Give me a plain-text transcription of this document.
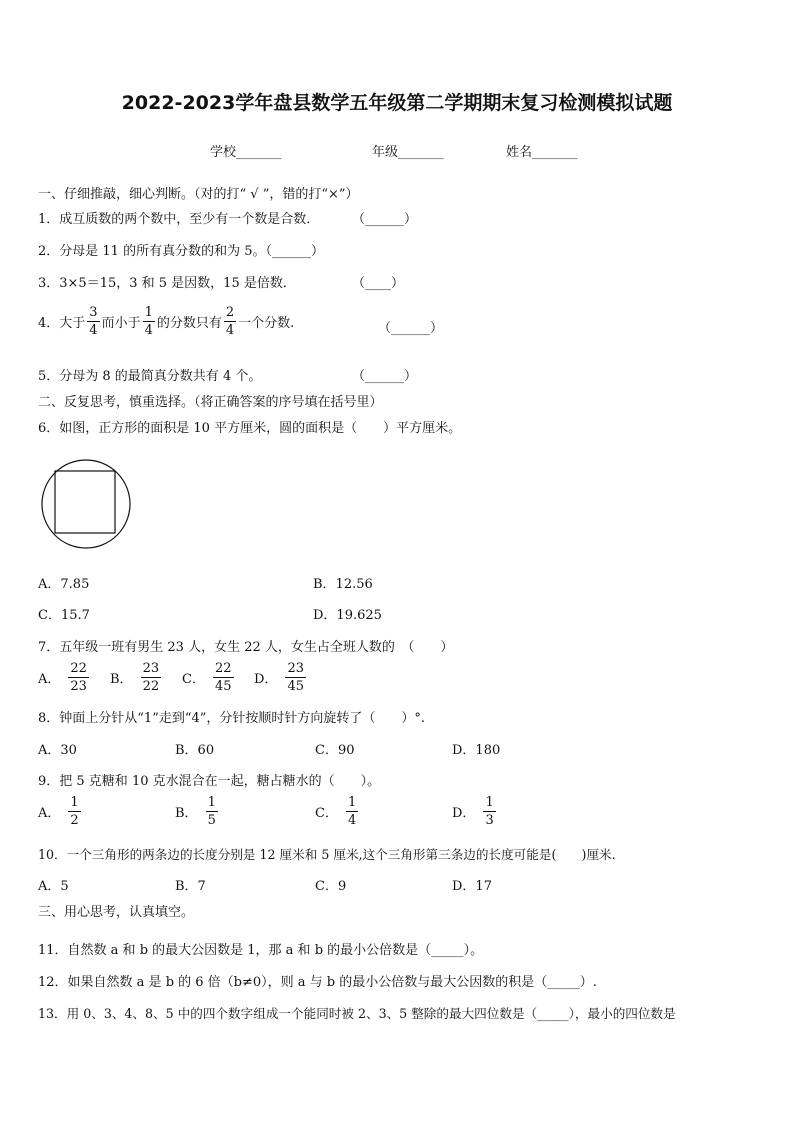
2022-2023学年盘县数学五年级第二学期期末复习检测模拟试题
学校_______	年级_______	姓名_______
一、仔细推敲，细心判断。（对的打“ √ ”，错的打“×”）
1．成互质数的两个数中，至少有一个数是合数．	（______）
2．分母是 11 的所有真分数的和为 5。（______）
3．3×5＝15，3 和 5 是因数，15 是倍数．	（____）
4．大于 $\frac{3}{4}$ 而小于 $\frac{1}{4}$ 的分数只有 $\frac{2}{4}$ 一个分数.	（______）
5．分母为 8 的最简真分数共有 4 个。	（______）
二、反复思考，慎重选择。（将正确答案的序号填在括号里）
6．如图，正方形的面积是 10 平方厘米，圆的面积是（　　）平方厘米。
A．7.85	B．12.56
C．15.7	D．19.625
7．五年级一班有男生 23 人，女生 22 人，女生占全班人数的　（　　）
A． $\frac{22}{23}$ B． $\frac{23}{22}$ C． $\frac{22}{45}$ D． $\frac{23}{45}$
8．钟面上分针从“1”走到“4”，分针按顺时针方向旋转了（　　）°.
A．30	B．60	C．90	D．180
9．把 5 克糖和 10 克水混合在一起，糖占糖水的（　　）。
A． $\frac{1}{2}$	B． $\frac{1}{5}$	C． $\frac{1}{4}$	D． $\frac{1}{3}$
10．一个三角形的两条边的长度分别是 12 厘米和 5 厘米,这个三角形第三条边的长度可能是(　　)厘米.
A．5	B．7	C．9	D．17
三、用心思考，认真填空。
11．自然数 a 和 b 的最大公因数是 1，那 a 和 b 的最小公倍数是（_____）。
12．如果自然数 a 是 b 的 6 倍（b≠0），则 a 与 b 的最小公倍数与最大公因数的积是（_____）.
13．用 0、3、4、8、5 中的四个数字组成一个能同时被 2、3、5 整除的最大四位数是（_____），最小的四位数是
